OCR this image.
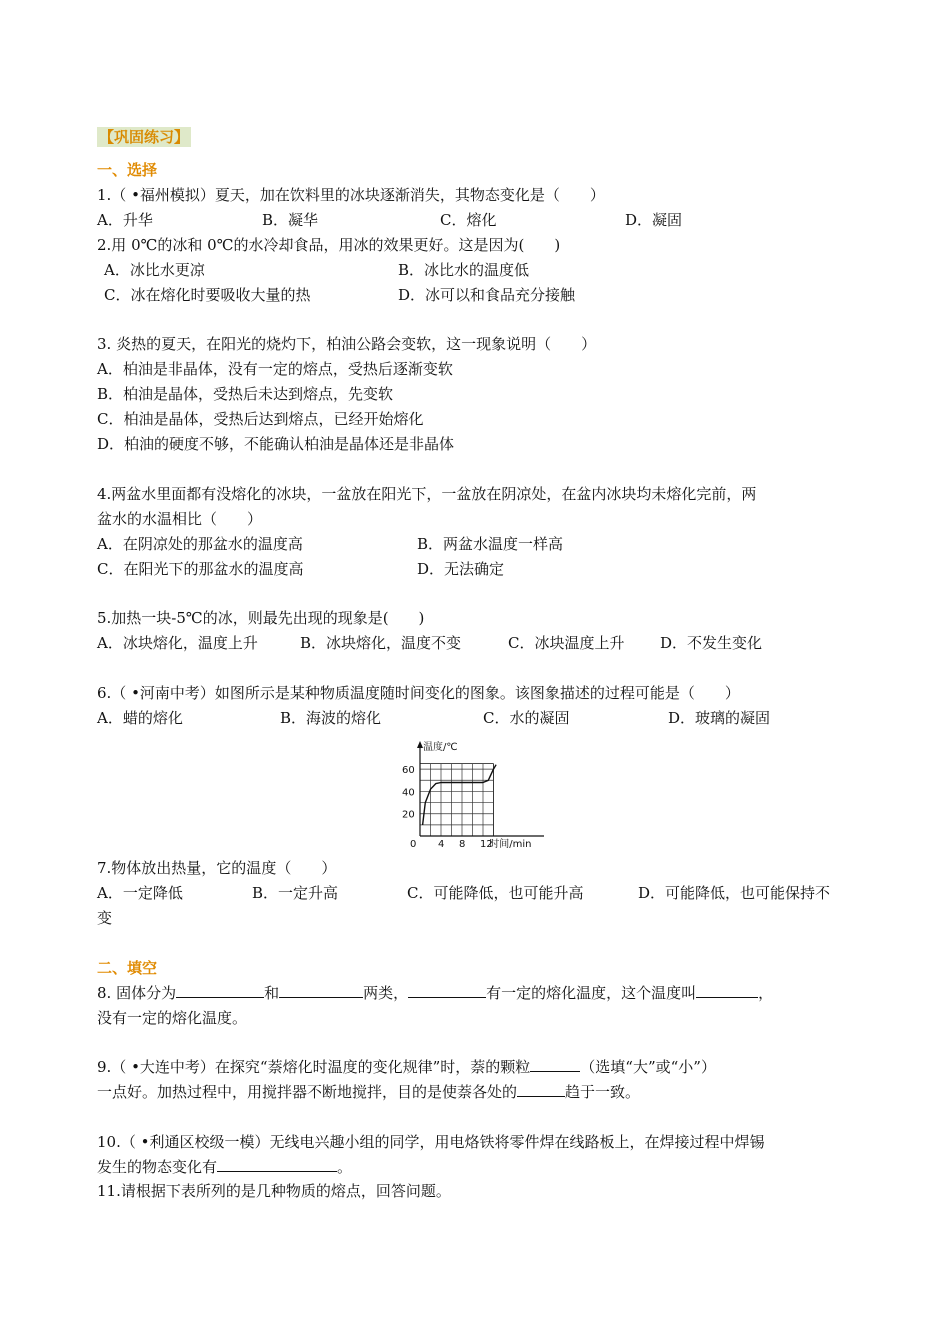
【巩固练习】
一、选择
1.（ •福州模拟）夏天，加在饮料里的冰块逐渐消失，其物态变化是（　　）
A．升华	B．凝华	C．熔化	D．凝固
2.用 0℃的冰和 0℃的水冷却食品，用冰的效果更好。这是因为(　　)
A．冰比水更凉	B．冰比水的温度低
C．冰在熔化时要吸收大量的热	D．冰可以和食品充分接触
3. 炎热的夏天，在阳光的烧灼下，柏油公路会变软，这一现象说明（　　）
A．柏油是非晶体，没有一定的熔点，受热后逐渐变软
B．柏油是晶体，受热后未达到熔点，先变软
C．柏油是晶体，受热后达到熔点，已经开始熔化
D．柏油的硬度不够，不能确认柏油是晶体还是非晶体
4.两盆水里面都有没熔化的冰块，一盆放在阳光下，一盆放在阴凉处，在盆内冰块均未熔化完前，两
盆水的水温相比（　　）
A．在阴凉处的那盆水的温度高	B．两盆水温度一样高
C．在阳光下的那盆水的温度高	D．无法确定
5.加热一块-5℃的冰，则最先出现的现象是(　　)
A．冰块熔化，温度上升	B．冰块熔化，温度不变	C．冰块温度上升 D．不发生变化
6.（ •河南中考）如图所示是某种物质温度随时间变化的图象。该图象描述的过程可能是（　　）
A．蜡的熔化	B．海波的熔化	C．水的凝固	D．玻璃的凝固
0 4 8 12
20
40
60
温度/℃
时间/min
7.物体放出热量，它的温度（　　）
A．一定降低	B．一定升高	C．可能降低，也可能升高	D．可能降低，也可能保持不
变
二、填空
8. 固体分为	和	两类，	有一定的熔化温度，这个温度叫	，
没有一定的熔化温度。
9.（ •大连中考）在探究“萘熔化时温度的变化规律”时，萘的颗粒	（选填“大”或“小”）
一点好。加热过程中，用搅拌器不断地搅拌，目的是使萘各处的	趋于一致。
10.（ •利通区校级一模）无线电兴趣小组的同学，用电烙铁将零件焊在线路板上，在焊接过程中焊锡
发生的物态变化有	。
11.请根据下表所列的是几种物质的熔点，回答问题。
